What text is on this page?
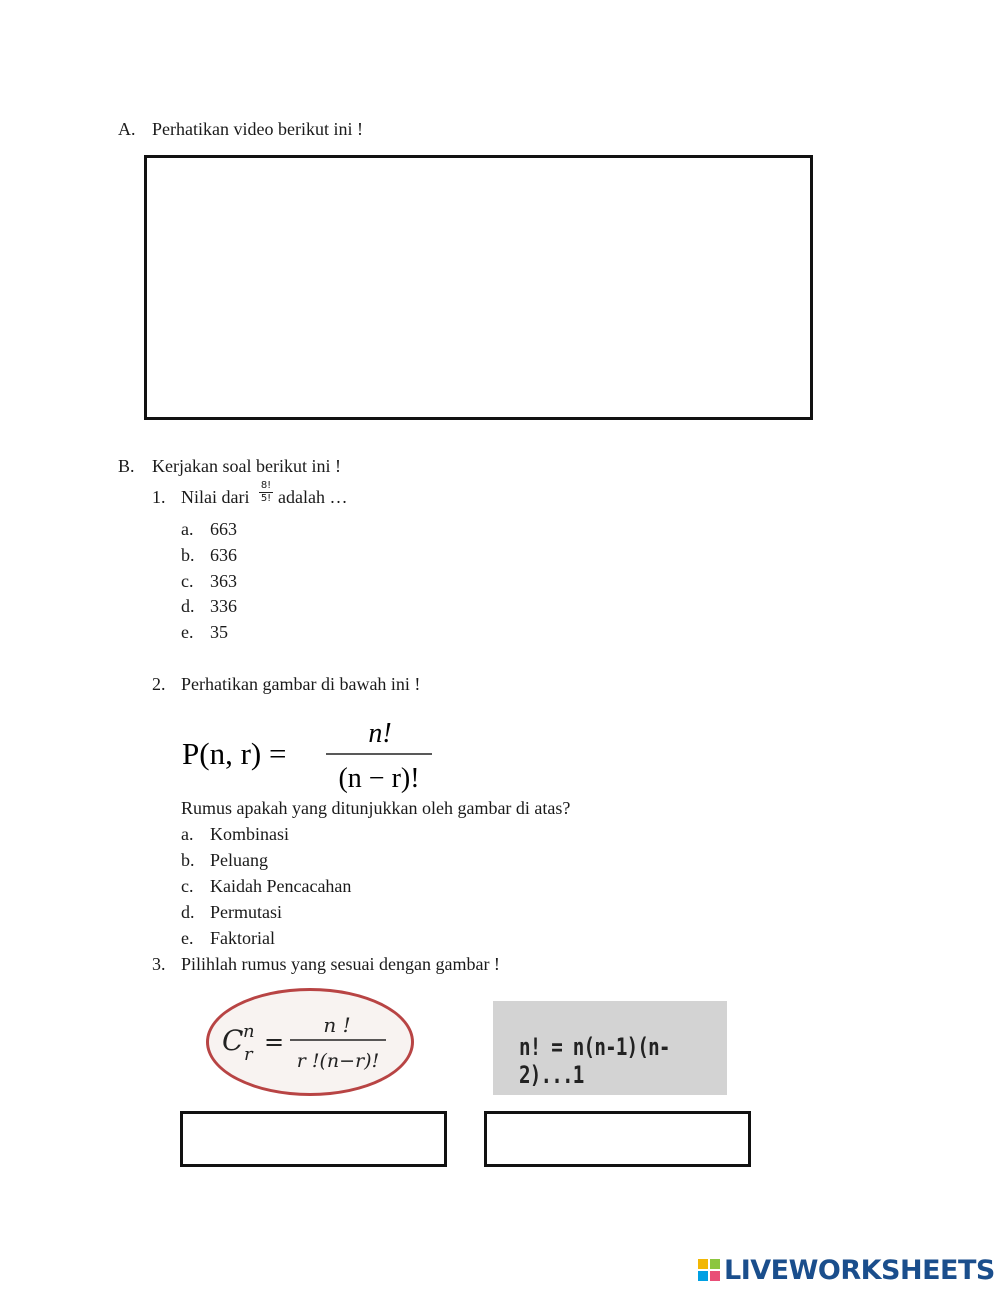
A. Perhatikan video berikut ini !
B. Kerjakan soal berikut ini !
1. Nilai dari
8!
5! adalah …
a. 663
b. 636
c. 363
d. 336
e. 35
2. Perhatikan gambar di bawah ini !
P(n, r) =
n!
(n − r)!
Rumus apakah yang ditunjukkan oleh gambar di atas?
a. Kombinasi
b. Peluang
c. Kaidah Pencacahan
d. Permutasi
e. Faktorial
3. Pilihlah rumus yang sesuai dengan gambar !
C n
r =
n !
r !(n−r)!	n! = n(n-1)(n-2)...1
LIVEWORKSHEETS
